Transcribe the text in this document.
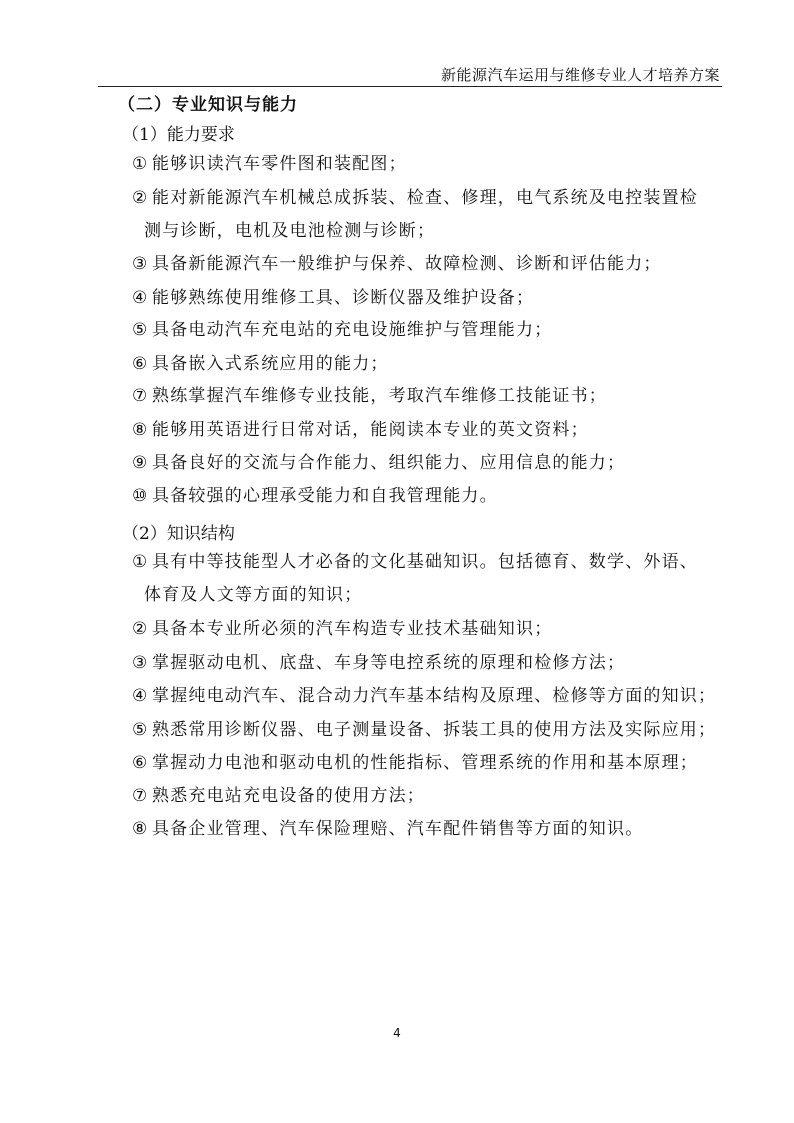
新能源汽车运用与维修专业人才培养方案
（二）专业知识与能力
（1）能力要求
① 能够识读汽车零件图和装配图；
② 能对新能源汽车机械总成拆装、检查、修理，电气系统及电控装置检
测与诊断，电机及电池检测与诊断；
③ 具备新能源汽车一般维护与保养、故障检测、诊断和评估能力；
④ 能够熟练使用维修工具、诊断仪器及维护设备；
⑤ 具备电动汽车充电站的充电设施维护与管理能力；
⑥ 具备嵌入式系统应用的能力；
⑦ 熟练掌握汽车维修专业技能，考取汽车维修工技能证书；
⑧ 能够用英语进行日常对话，能阅读本专业的英文资料；
⑨ 具备良好的交流与合作能力、组织能力、应用信息的能力；
⑩ 具备较强的心理承受能力和自我管理能力。
（2）知识结构
① 具有中等技能型人才必备的文化基础知识。包括德育、数学、外语、
体育及人文等方面的知识；
② 具备本专业所必须的汽车构造专业技术基础知识；
③ 掌握驱动电机、底盘、车身等电控系统的原理和检修方法；
④ 掌握纯电动汽车、混合动力汽车基本结构及原理、检修等方面的知识；
⑤ 熟悉常用诊断仪器、电子测量设备、拆装工具的使用方法及实际应用；
⑥ 掌握动力电池和驱动电机的性能指标、管理系统的作用和基本原理；
⑦ 熟悉充电站充电设备的使用方法；
⑧ 具备企业管理、汽车保险理赔、汽车配件销售等方面的知识。
4
